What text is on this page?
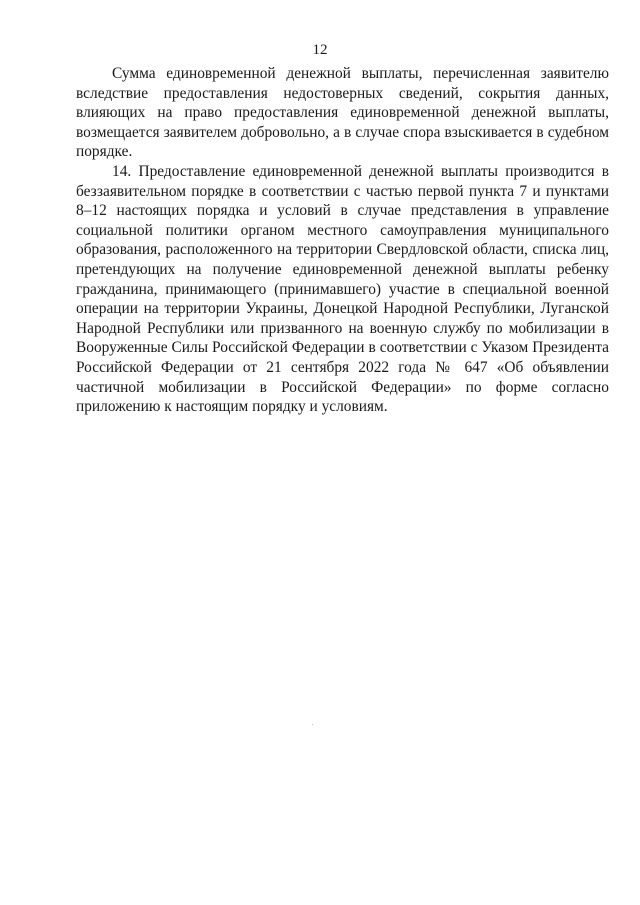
12

Сумма единовременной денежной выплаты, перечисленная заявителю вследствие предоставления недостоверных сведений, сокрытия данных, влияющих на право предоставления единовременной денежной выплаты, возмещается заявителем добровольно, а в случае спора взыскивается в судебном порядке.

14. Предоставление единовременной денежной выплаты производится в беззаявительном порядке в соответствии с частью первой пункта 7 и пунктами 8–12 настоящих порядка и условий в случае представления в управление социальной политики органом местного самоуправления муниципального образования, расположенного на территории Свердловской области, списка лиц, претендующих на получение единовременной денежной выплаты ребенку гражданина, принимающего (принимавшего) участие в специальной военной операции на территории Украины, Донецкой Народной Республики, Луганской Народной Республики или призванного на военную службу по мобилизации в Вооруженные Силы Российской Федерации в соответствии с Указом Президента Российской Федерации от 21 сентября 2022 года № 647 «Об объявлении частичной мобилизации в Российской Федерации» по форме согласно приложению к настоящим порядку и условиям.
